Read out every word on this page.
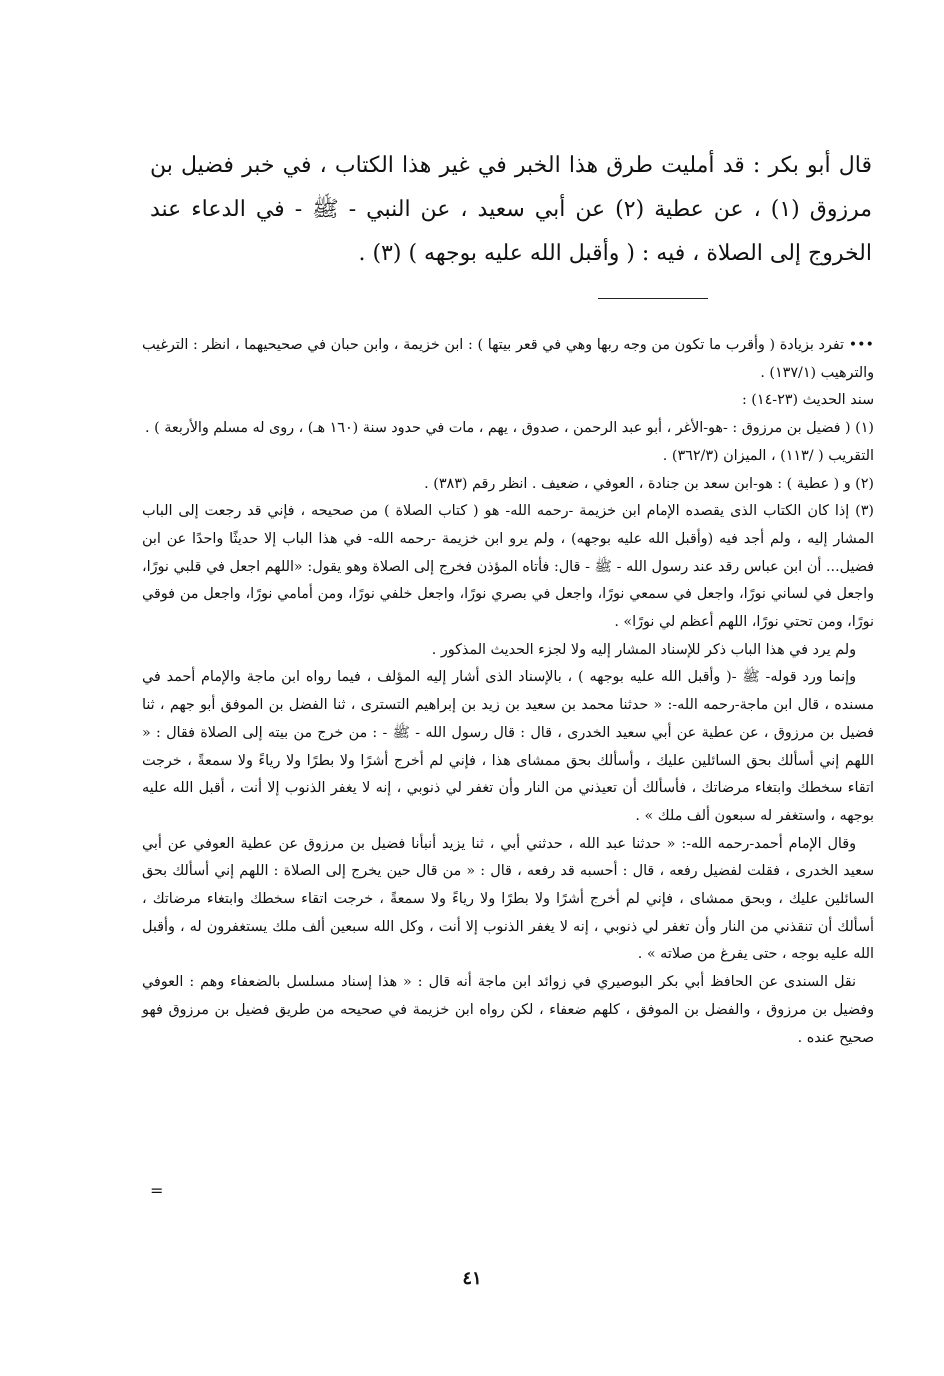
قال أبو بكر : قد أمليت طرق هذا الخبر في غير هذا الكتاب ، في خبر فضيل بن مرزوق (١) ، عن عطية (٢) عن أبي سعيد ، عن النبي - ﷺ - في الدعاء عند الخروج إلى الصلاة ، فيه : ( وأقبل الله عليه بوجهه ) (٣) .

••• تفرد بزيادة ( وأقرب ما تكون من وجه ربها وهي في قعر بيتها ) : ابن خزيمة ، وابن حبان في صحيحيهما ، انظر : الترغيب والترهيب (١٣٧/١) .

سند الحديث (٢٣-١٤) :

(١) ( فضيل بن مرزوق : -هو-الأغر ، أبو عبد الرحمن ، صدوق ، يهم ، مات في حدود سنة (١٦٠ هـ) ، روى له مسلم والأربعة ) .

التقريب ( /١١٣) ، الميزان (٣٦٢/٣) .

(٢) و ( عطية ) : هو-ابن سعد بن جنادة ، العوفي ، ضعيف . انظر رقم (٣٨٣) .

(٣) إذا كان الكتاب الذى يقصده الإمام ابن خزيمة -رحمه الله- هو ( كتاب الصلاة ) من صحيحه ، فإني قد رجعت إلى الباب المشار إليه ، ولم أجد فيه (وأقبل الله عليه بوجهه) ، ولم يرو ابن خزيمة -رحمه الله- في هذا الباب إلا حديثًا واحدًا عن ابن فضيل... أن ابن عباس رقد عند رسول الله - ﷺ - قال: فأتاه المؤذن فخرج إلى الصلاة وهو يقول: «اللهم اجعل في قلبي نورًا، واجعل في لساني نورًا، واجعل في سمعي نورًا، واجعل في بصري نورًا، واجعل خلفي نورًا، ومن أمامي نورًا، واجعل من فوقي نورًا، ومن تحتي نورًا، اللهم أعظم لي نورًا» .

ولم يرد في هذا الباب ذكر للإسناد المشار إليه ولا لجزء الحديث المذكور .

وإنما ورد قوله- ﷺ -( وأقبل الله عليه بوجهه ) ، بالإسناد الذى أشار إليه المؤلف ، فيما رواه ابن ماجة والإمام أحمد في مسنده ، قال ابن ماجة-رحمه الله-: « حدثنا محمد بن سعيد بن زيد بن إبراهيم التسترى ، ثنا الفضل بن الموفق أبو جهم ، ثنا فضيل بن مرزوق ، عن عطية عن أبي سعيد الخدرى ، قال : قال رسول الله - ﷺ - : من خرج من بيته إلى الصلاة فقال : « اللهم إني أسألك بحق السائلين عليك ، وأسألك بحق ممشاى هذا ، فإني لم أخرج أشرًا ولا بطرًا ولا رياءً ولا سمعةً ، خرجت اتقاء سخطك وابتغاء مرضاتك ، فأسألك أن تعيذني من النار وأن تغفر لي ذنوبي ، إنه لا يغفر الذنوب إلا أنت ، أقبل الله عليه بوجهه ، واستغفر له سبعون ألف ملك » .

وقال الإمام أحمد-رحمه الله-: « حدثنا عبد الله ، حدثني أبي ، ثنا يزيد أنبأنا فضيل بن مرزوق عن عطية العوفي عن أبي سعيد الخدرى ، فقلت لفضيل رفعه ، قال : أحسبه قد رفعه ، قال : « من قال حين يخرج إلى الصلاة : اللهم إني أسألك بحق السائلين عليك ، وبحق ممشاى ، فإني لم أخرج أشرًا ولا بطرًا ولا رياءً ولا سمعةً ، خرجت اتقاء سخطك وابتغاء مرضاتك ، أسألك أن تنقذني من النار وأن تغفر لي ذنوبي ، إنه لا يغفر الذنوب إلا أنت ، وكل الله سبعين ألف ملك يستغفرون له ، وأقبل الله عليه بوجه ، حتى يفرغ من صلاته » .

نقل السندى عن الحافظ أبي بكر البوصيري في زوائد ابن ماجة أنه قال : « هذا إسناد مسلسل بالضعفاء وهم : العوفي وفضيل بن مرزوق ، والفضل بن الموفق ، كلهم ضعفاء ، لكن رواه ابن خزيمة في صحيحه من طريق فضيل بن مرزوق فهو صحيح عنده .

=
٤١
